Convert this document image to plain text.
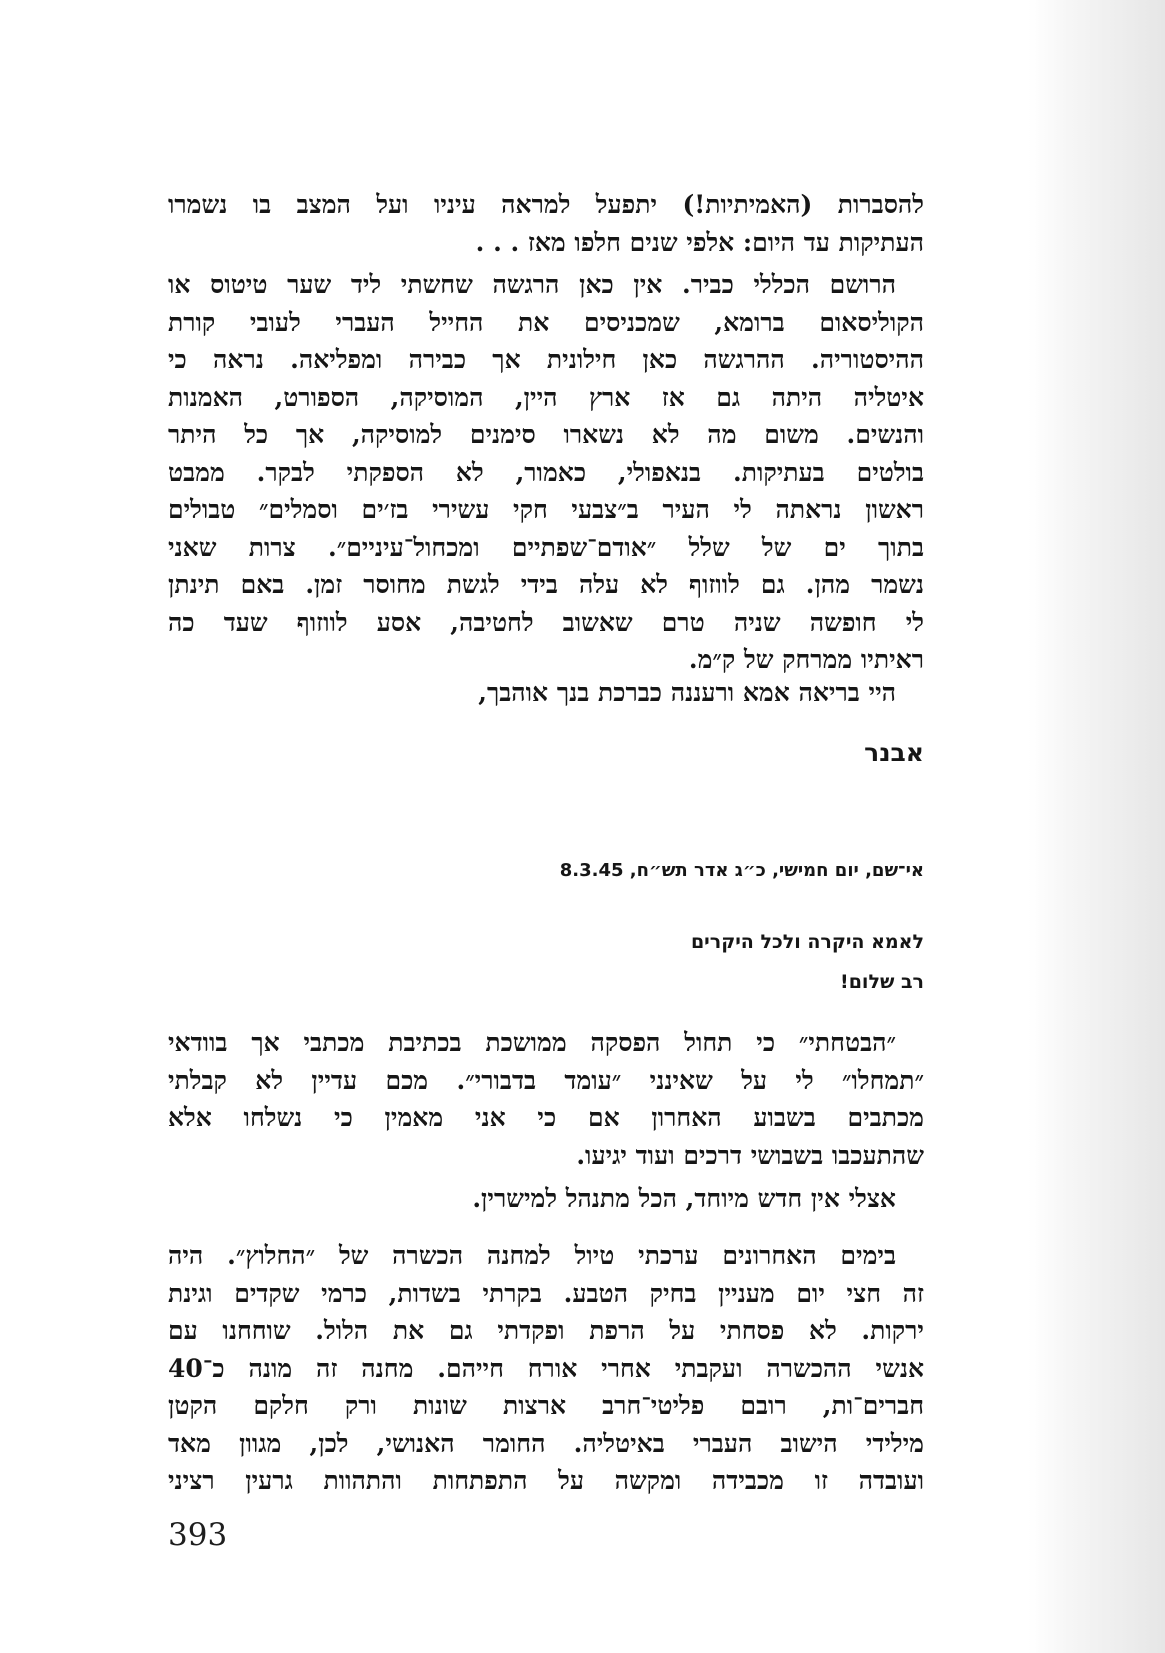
להסברות (האמיתיות!) יתפעל למראה עיניו ועל המצב בו נשמרו
העתיקות עד היום: אלפי שנים חלפו מאז . . .
הרושם הכללי כביר. אין כאן הרגשה שחשתי ליד שער טיטוס או
הקוליסאום ברומא, שמכניסים את החייל העברי לעובי קורת
ההיסטוריה. ההרגשה כאן חילונית אך כבירה ומפליאה. נראה כי
איטליה היתה גם אז ארץ היין, המוסיקה, הספורט, האמנות
והנשים. משום מה לא נשארו סימנים למוסיקה, אך כל היתר
בולטים בעתיקות. בנאפולי, כאמור, לא הספקתי לבקר. ממבט
ראשון נראתה לי העיר ב״צבעי חקי עשירי בז׳ים וסמלים״ טבולים
בתוך ים של שלל ״אודם־שפתיים ומכחול־עיניים״. צרות שאני
נשמר מהן. גם לווזוף לא עלה בידי לגשת מחוסר זמן. באם תינתן
לי חופשה שניה טרם שאשוב לחטיבה, אסע לווזוף שעד כה
ראיתיו ממרחק של ק״מ.
היי בריאה אמא ורעננה כברכת בנך אוהבך,
אבנר
אי־שם, יום חמישי, כ״ג אדר תש״ח, 8.3.45
לאמא היקרה ולכל היקרים
רב שלום!
״הבטחתי״ כי תחול הפסקה ממושכת בכתיבת מכתבי אך בוודאי
״תמחלו״ לי על שאינני ״עומד בדבורי״. מכם עדיין לא קבלתי
מכתבים בשבוע האחרון אם כי אני מאמין כי נשלחו אלא
שהתעכבו בשבושי דרכים ועוד יגיעו.
אצלי אין חדש מיוחד, הכל מתנהל למישרין.
בימים האחרונים ערכתי טיול למחנה הכשרה של ״החלוץ״. היה
זה חצי יום מעניין בחיק הטבע. בקרתי בשדות, כרמי שקדים וגינת
ירקות. לא פסחתי על הרפת ופקדתי גם את הלול. שוחחנו עם
אנשי ההכשרה ועקבתי אחרי אורח חייהם. מחנה זה מונה כ־40
חברים־ות, רובם פליטי־חרב ארצות שונות ורק חלקם הקטן
מילידי הישוב העברי באיטליה. החומר האנושי, לכן, מגוון מאד
ועובדה זו מכבידה ומקשה על התפתחות והתהוות גרעין רציני
393
